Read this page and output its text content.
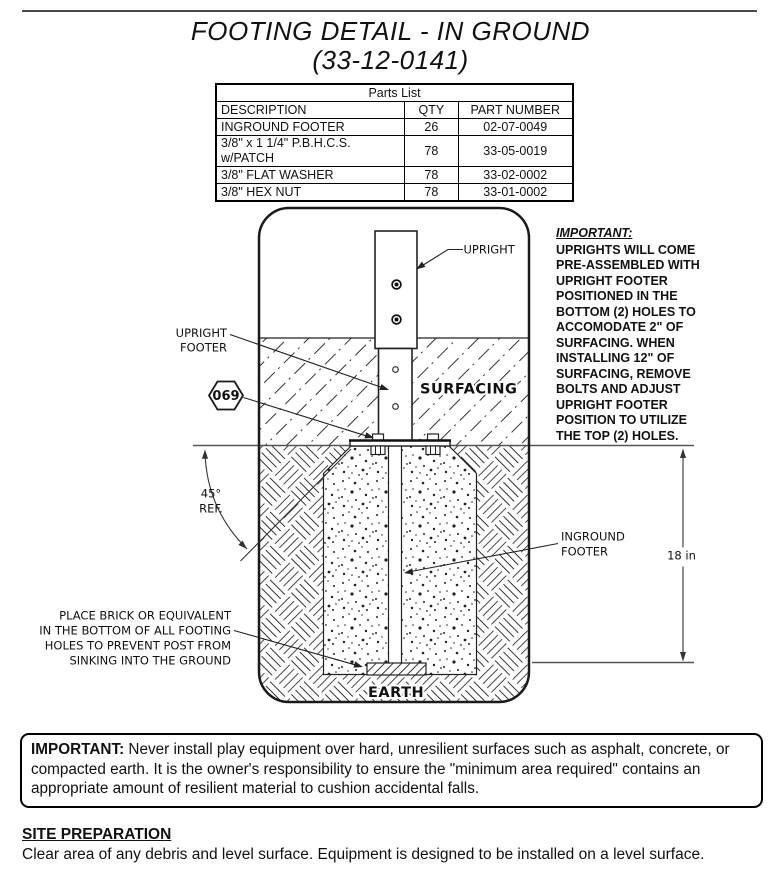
FOOTING DETAIL - IN GROUND
(33-12-0141)
Parts List		
DESCRIPTION	QTY	PART NUMBER
INGROUND FOOTER	26	02-07-0049
3/8" x 1 1/4" P.B.H.C.S. w/PATCH	78	33-05-0019
3/8" FLAT WASHER	78	33-02-0002
3/8" HEX NUT	78	33-01-0002
069
UPRIGHT
UPRIGHT
FOOTER
SURFACING
INGROUND
FOOTER	18 in
45°
REF.
EARTH
PLACE BRICK OR EQUIVALENT
IN THE BOTTOM OF ALL FOOTING
HOLES TO PREVENT POST FROM
SINKING INTO THE GROUND
IMPORTANT:
UPRIGHTS WILL COME
PRE-ASSEMBLED WITH
UPRIGHT FOOTER
POSITIONED IN THE
BOTTOM (2) HOLES TO
ACCOMODATE 2" OF
SURFACING. WHEN
INSTALLING 12" OF
SURFACING, REMOVE
BOLTS AND ADJUST
UPRIGHT FOOTER
POSITION TO UTILIZE
THE TOP (2) HOLES.
IMPORTANT: Never install play equipment over hard, unresilient surfaces such as asphalt, concrete, or compacted earth. It is the owner's responsibility to ensure the "minimum area required" contains an appropriate amount of resilient material to cushion accidental falls.
SITE PREPARATION
Clear area of any debris and level surface. Equipment is designed to be installed on a level surface.
